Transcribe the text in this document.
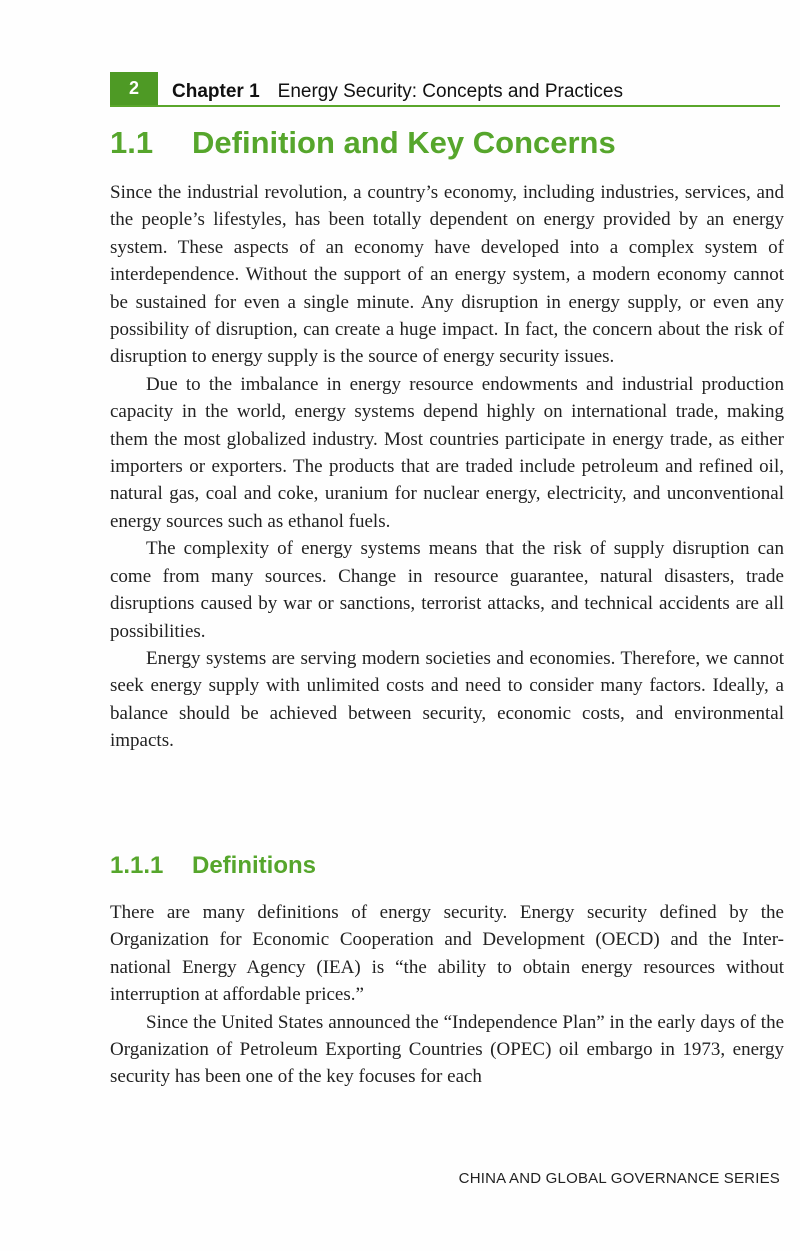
2	Chapter 1 Energy Security: Concepts and Practices
1.1	Definition and Key Concerns

Since the industrial revolution, a country’s economy, including industries, services, and the people’s lifestyles, has been totally dependent on energy provided by an energy system. These aspects of an economy have developed into a complex system of interdependence. Without the support of an energy system, a modern economy cannot be sustained for even a single minute. Any disruption in energy supply, or even any possibility of disruption, can create a huge impact. In fact, the concern about the risk of disruption to energy supply is the source of energy security issues.

Due to the imbalance in energy resource endowments and industrial production capacity in the world, energy systems depend highly on international trade, making them the most globalized industry. Most countries participate in energy trade, as either importers or exporters. The products that are traded include petroleum and refined oil, natural gas, coal and coke, uranium for nuclear energy, electricity, and unconventional energy sources such as ethanol fuels.

The complexity of energy systems means that the risk of supply disruption can come from many sources. Change in resource guarantee, natural disasters, trade disruptions caused by war or sanctions, terrorist attacks, and technical accidents are all possibilities.

Energy systems are serving modern societies and economies. Therefore, we cannot seek energy supply with unlimited costs and need to consider many factors. Ideally, a balance should be achieved between security, economic costs, and environmental impacts.

1.1.1	Definitions

There are many definitions of energy security. Energy security defined by the Organization for Economic Cooperation and Development (OECD) and the Inter-national Energy Agency (IEA) is “the ability to obtain energy resources without interruption at affordable prices.”

Since the United States announced the “Independence Plan” in the early days of the Organization of Petroleum Exporting Countries (OPEC) oil embargo in 1973, energy security has been one of the key focuses for each

CHINA AND GLOBAL GOVERNANCE SERIES
